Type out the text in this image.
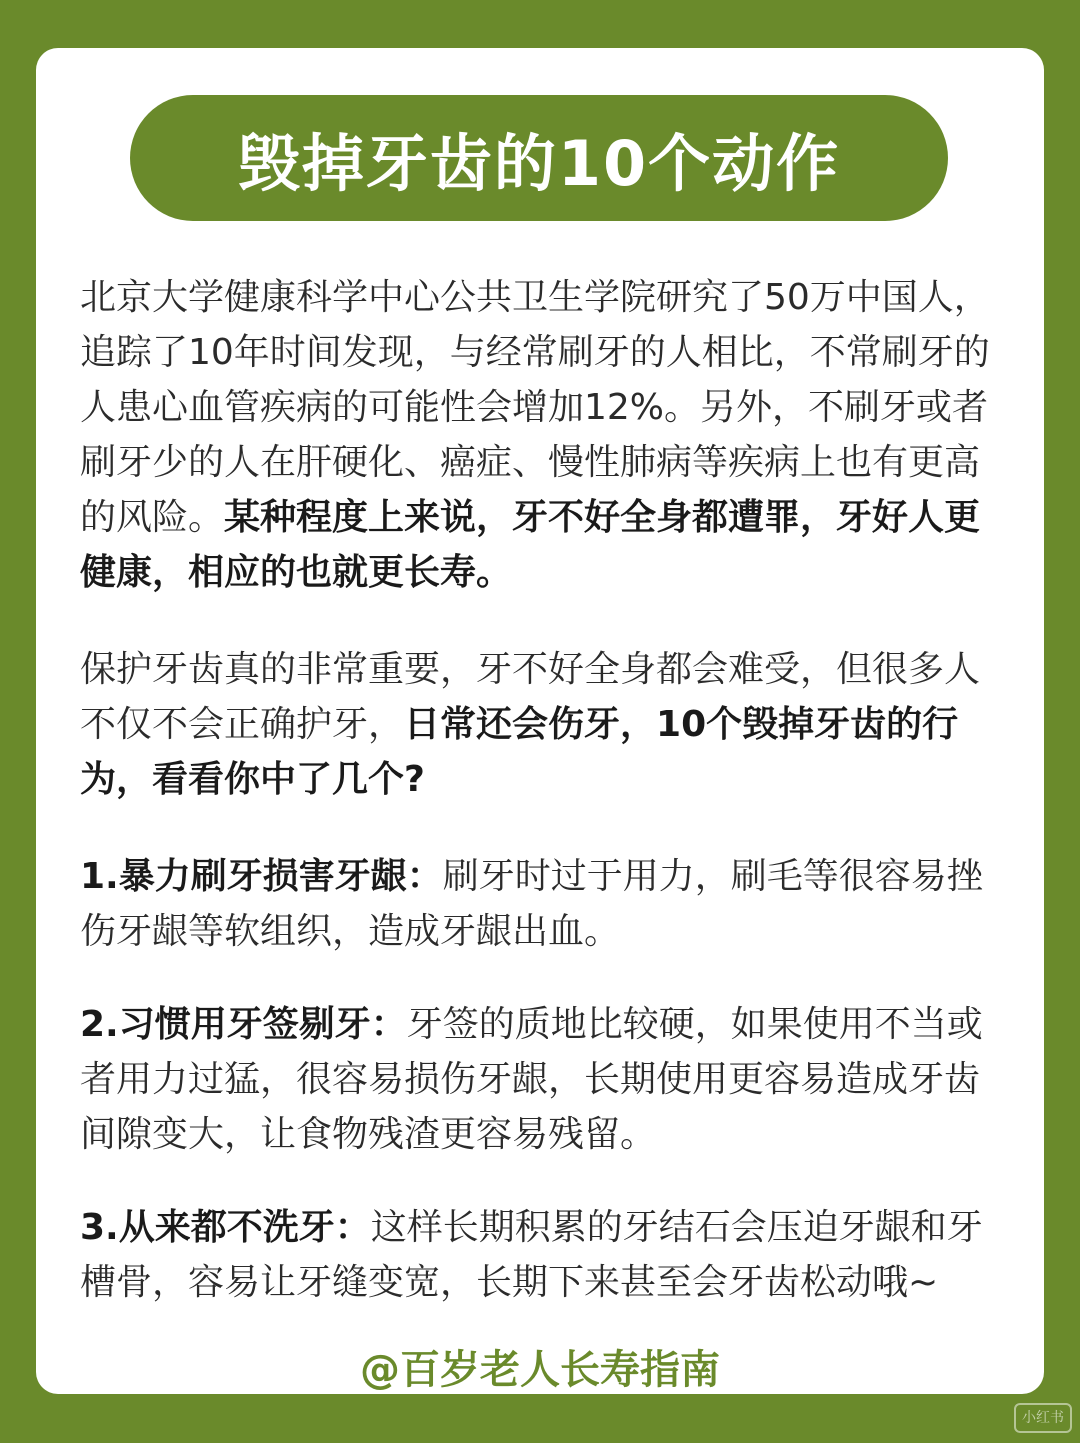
毁掉牙齿的10个动作

北京大学健康科学中心公共卫生学院研究了50万中国人，追踪了10年时间发现，与经常刷牙的人相比，不常刷牙的人患心血管疾病的可能性会增加12%。另外，不刷牙或者刷牙少的人在肝硬化、癌症、慢性肺病等疾病上也有更高的风险。某种程度上来说，牙不好全身都遭罪，牙好人更健康，相应的也就更长寿。

保护牙齿真的非常重要，牙不好全身都会难受，但很多人不仅不会正确护牙，日常还会伤牙，10个毁掉牙齿的行为，看看你中了几个?

1.暴力刷牙损害牙龈：刷牙时过于用力，刷毛等很容易挫伤牙龈等软组织，造成牙龈出血。

2.习惯用牙签剔牙：牙签的质地比较硬，如果使用不当或者用力过猛，很容易损伤牙龈，长期使用更容易造成牙齿间隙变大，让食物残渣更容易残留。

3.从来都不洗牙：这样长期积累的牙结石会压迫牙龈和牙槽骨，容易让牙缝变宽，长期下来甚至会牙齿松动哦~

@百岁老人长寿指南
小红书
